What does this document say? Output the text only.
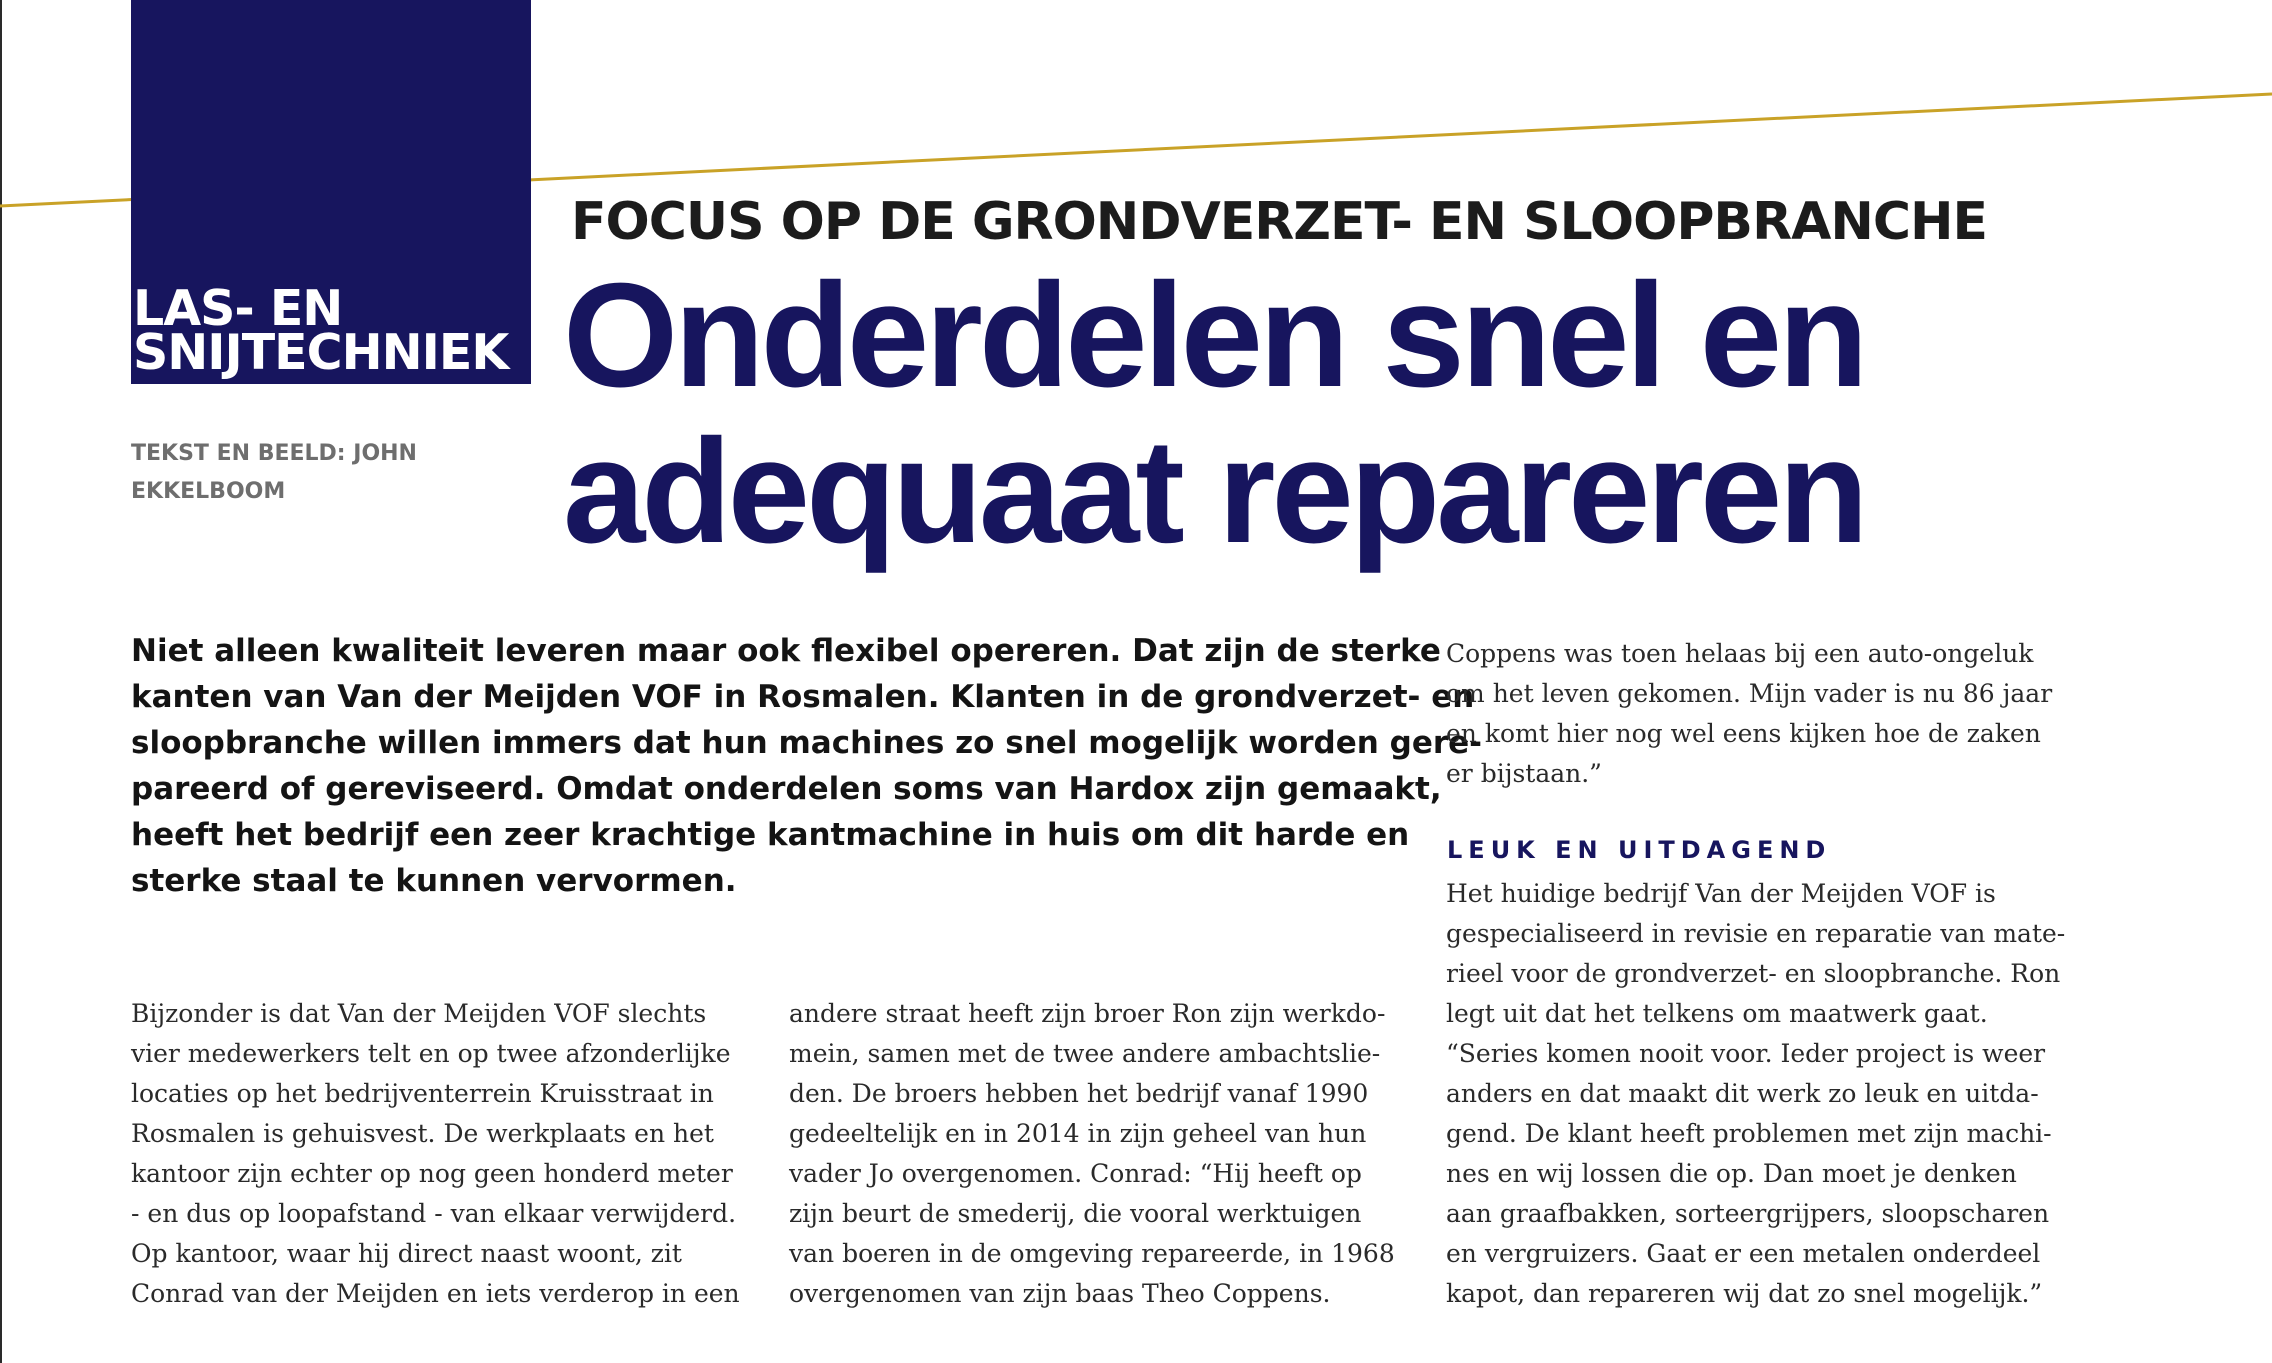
LAS- EN
SNIJTECHNIEK
TEKST EN BEELD: JOHN
EKKELBOOM
FOCUS OP DE GRONDVERZET- EN SLOOPBRANCHE
Onderdelen snel en
adequaat repareren
Niet alleen kwaliteit leveren maar ook flexibel opereren. Dat zijn de sterke
kanten van Van der Meijden VOF in Rosmalen. Klanten in de grondverzet- en
sloopbranche willen immers dat hun machines zo snel mogelijk worden gere-
pareerd of gereviseerd. Omdat onderdelen soms van Hardox zijn gemaakt,
heeft het bedrijf een zeer krachtige kantmachine in huis om dit harde en
sterke staal te kunnen vervormen.
Bijzonder is dat Van der Meijden VOF slechts
vier medewerkers telt en op twee afzonderlijke
locaties op het bedrijventerrein Kruisstraat in
Rosmalen is gehuisvest. De werkplaats en het
kantoor zijn echter op nog geen honderd meter
- en dus op loopafstand - van elkaar verwijderd.
Op kantoor, waar hij direct naast woont, zit
Conrad van der Meijden en iets verderop in een
andere straat heeft zijn broer Ron zijn werkdo-
mein, samen met de twee andere ambachtslie-
den. De broers hebben het bedrijf vanaf 1990
gedeeltelijk en in 2014 in zijn geheel van hun
vader Jo overgenomen. Conrad: “Hij heeft op
zijn beurt de smederij, die vooral werktuigen
van boeren in de omgeving repareerde, in 1968
overgenomen van zijn baas Theo Coppens.
Coppens was toen helaas bij een auto-ongeluk
om het leven gekomen. Mijn vader is nu 86 jaar
en komt hier nog wel eens kijken hoe de zaken
er bijstaan.”
LEUK EN UITDAGEND
Het huidige bedrijf Van der Meijden VOF is
gespecialiseerd in revisie en reparatie van mate-
rieel voor de grondverzet- en sloopbranche. Ron
legt uit dat het telkens om maatwerk gaat.
“Series komen nooit voor. Ieder project is weer
anders en dat maakt dit werk zo leuk en uitda-
gend. De klant heeft problemen met zijn machi-
nes en wij lossen die op. Dan moet je denken
aan graafbakken, sorteergrijpers, sloopscharen
en vergruizers. Gaat er een metalen onderdeel
kapot, dan repareren wij dat zo snel mogelijk.”
